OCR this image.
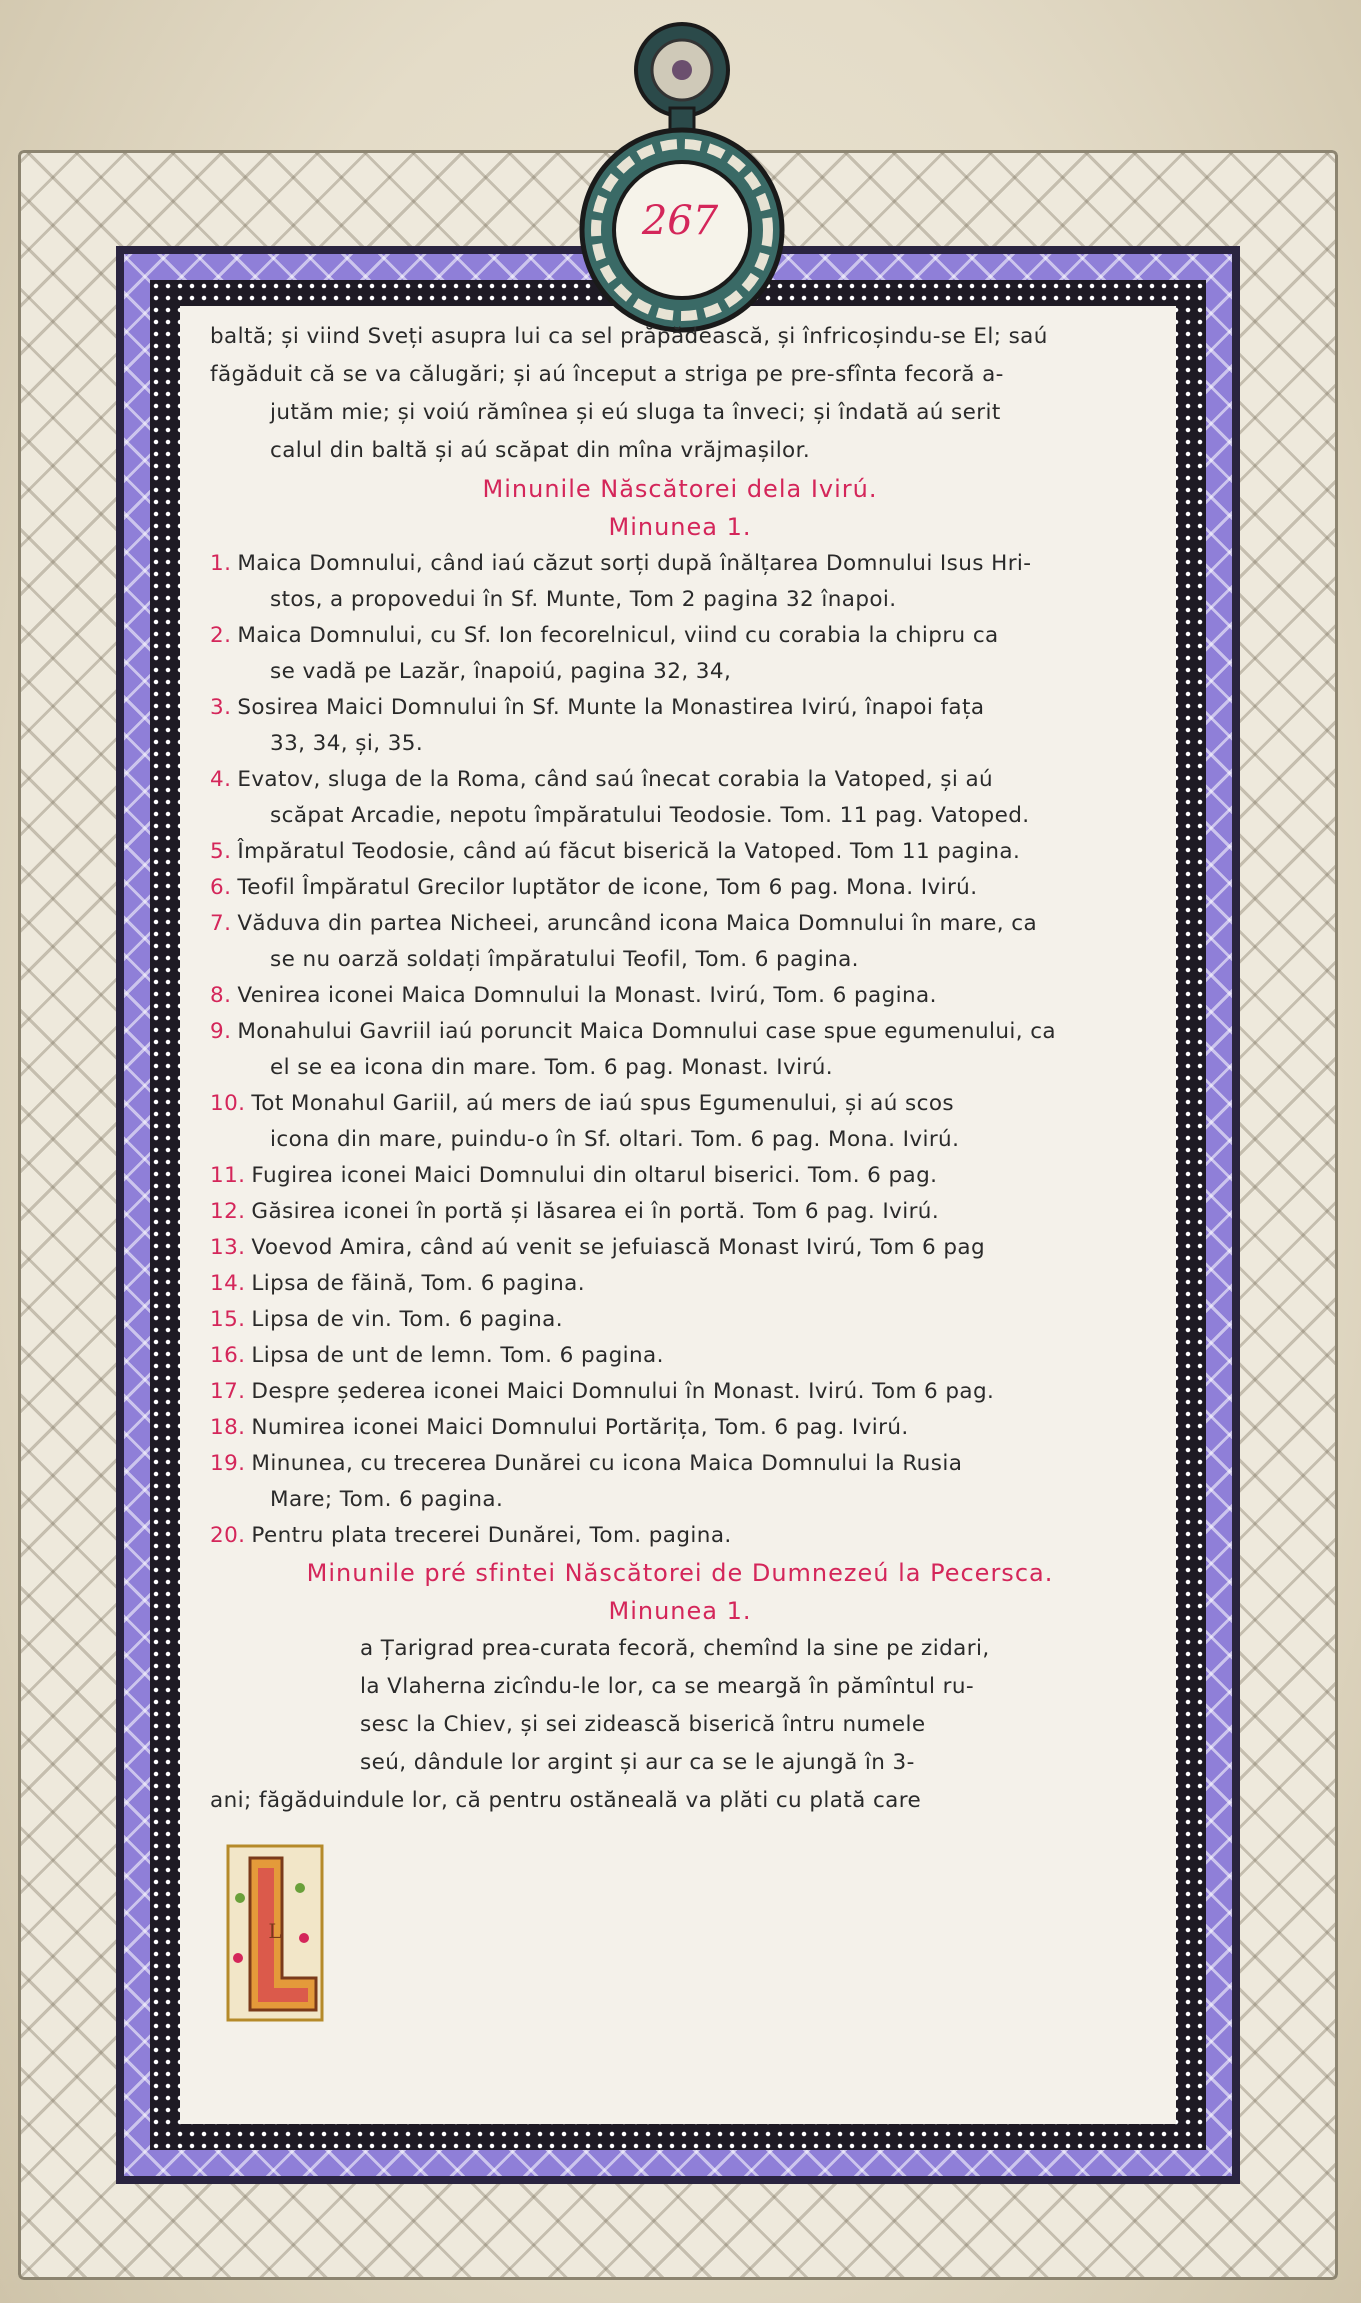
267
baltă; și viind Sveți asupra lui ca sel prăpădească, și înfricoșindu-se El; saú
făgăduit că se va călugări; și aú început a striga pe pre-sfînta fecoră a-
jutăm mie; și voiú rămînea și eú sluga ta înveci; și îndată aú serit
calul din baltă și aú scăpat din mîna vrăjmașilor.
Minunile Născătorei dela Ivirú.
Minunea 1.
1. Maica Domnului, când iaú căzut sorți după înălțarea Domnului Isus Hri-
stos, a propovedui în Sf. Munte, Tom 2 pagina 32 înapoi.
2. Maica Domnului, cu Sf. Ion fecorelnicul, viind cu corabia la chipru ca
se vadă pe Lazăr, înapoiú, pagina 32, 34,
3. Sosirea Maici Domnului în Sf. Munte la Monastirea Ivirú, înapoi fața
33, 34, și, 35.
4. Evatov, sluga de la Roma, când saú înecat corabia la Vatoped, și aú
scăpat Arcadie, nepotu împăratului Teodosie. Tom. 11 pag. Vatoped.
5. Împăratul Teodosie, când aú făcut biserică la Vatoped. Tom 11 pagina.
6. Teofil Împăratul Grecilor luptător de icone, Tom 6 pag. Mona. Ivirú.
7. Văduva din partea Nicheei, aruncând icona Maica Domnului în mare, ca
se nu oarză soldați împăratului Teofil, Tom. 6 pagina.
8. Venirea iconei Maica Domnului la Monast. Ivirú, Tom. 6 pagina.
9. Monahului Gavriil iaú poruncit Maica Domnului case spue egumenului, ca
el se ea icona din mare. Tom. 6 pag. Monast. Ivirú.
10. Tot Monahul Gariil, aú mers de iaú spus Egumenului, și aú scos
icona din mare, puindu-o în Sf. oltari. Tom. 6 pag. Mona. Ivirú.
11. Fugirea iconei Maici Domnului din oltarul biserici. Tom. 6 pag.
12. Găsirea iconei în portă și lăsarea ei în portă. Tom 6 pag. Ivirú.
13. Voevod Amira, când aú venit se jefuiască Monast Ivirú, Tom 6 pag
14. Lipsa de făină, Tom. 6 pagina.
15. Lipsa de vin. Tom. 6 pagina.
16. Lipsa de unt de lemn. Tom. 6 pagina.
17. Despre șederea iconei Maici Domnului în Monast. Ivirú. Tom 6 pag.
18. Numirea iconei Maici Domnului Portărița, Tom. 6 pag. Ivirú.
19. Minunea, cu trecerea Dunărei cu icona Maica Domnului la Rusia
Mare; Tom. 6 pagina.
20. Pentru plata trecerei Dunărei, Tom. pagina.
Minunile pré sfintei Născătorei de Dumnezeú la Pecersca.
Minunea 1.
a Țarigrad prea-curata fecoră, chemînd la sine pe zidari,
la Vlaherna zicîndu-le lor, ca se meargă în pămîntul ru-
sesc la Chiev, și sei zidească biserică întru numele
seú, dândule lor argint și aur ca se le ajungă în 3-
ani; făgăduindule lor, că pentru ostăneală va plăti cu plată care
L
